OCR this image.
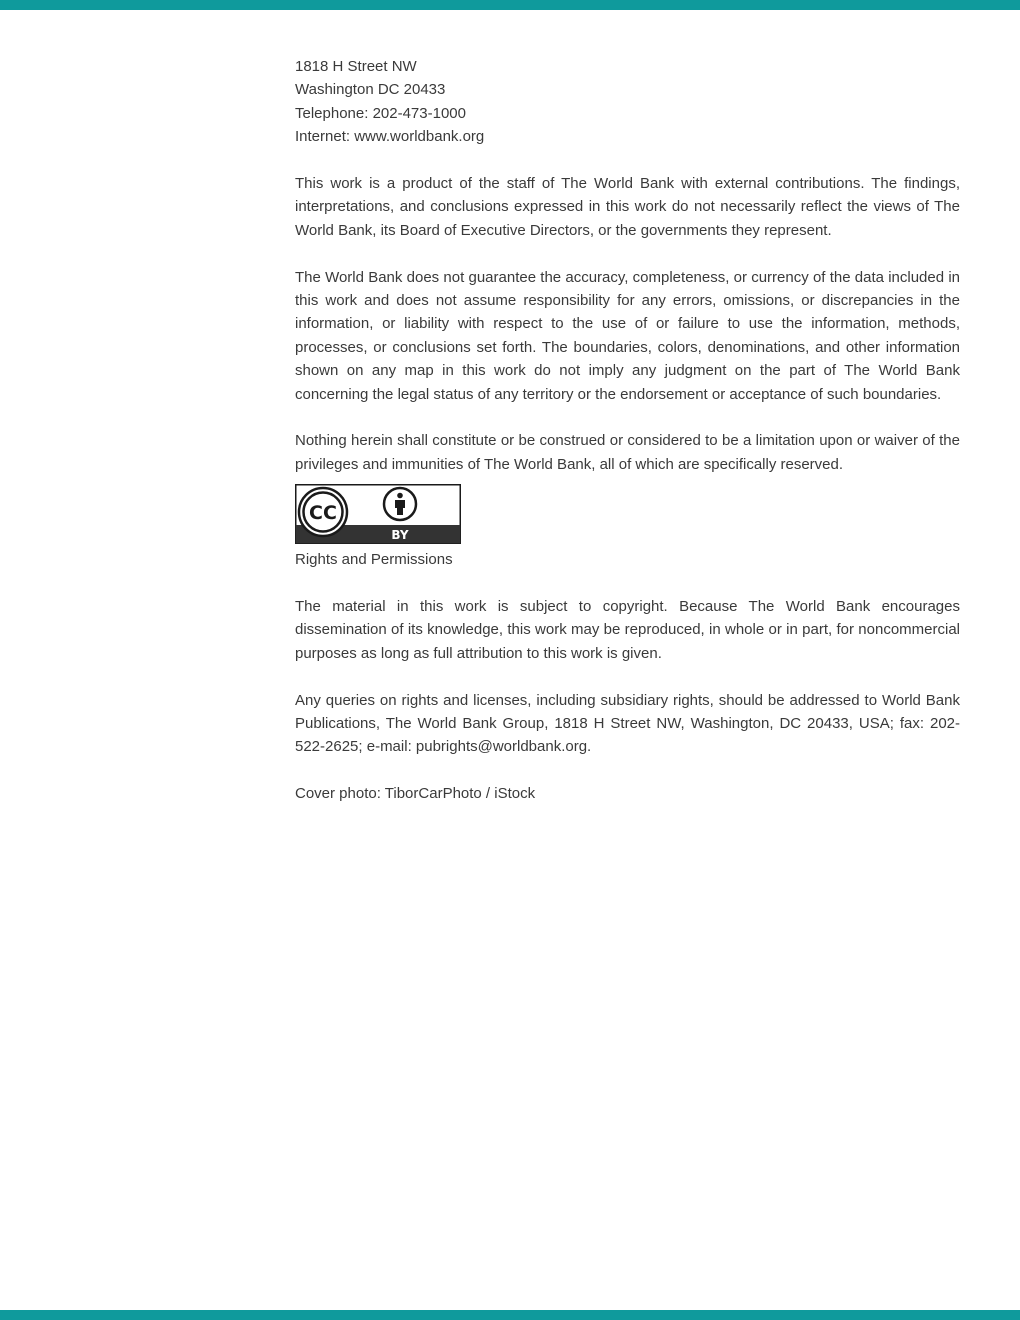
1818 H Street NW
Washington DC 20433
Telephone: 202-473-1000
Internet: www.worldbank.org

This work is a product of the staff of The World Bank with external contributions. The findings, interpretations, and conclusions expressed in this work do not necessarily reflect the views of The World Bank, its Board of Executive Directors, or the governments they represent.

The World Bank does not guarantee the accuracy, completeness, or currency of the data included in this work and does not assume responsibility for any errors, omissions, or discrepancies in the information, or liability with respect to the use of or failure to use the information, methods, processes, or conclusions set forth. The boundaries, colors, denominations, and other information shown on any map in this work do not imply any judgment on the part of The World Bank concerning the legal status of any territory or the endorsement or acceptance of such boundaries.

Nothing herein shall constitute or be construed or considered to be a limitation upon or waiver of the privileges and immunities of The World Bank, all of which are specifically reserved.

CC
BY
Rights and Permissions

The material in this work is subject to copyright. Because The World Bank encourages dissemination of its knowledge, this work may be reproduced, in whole or in part, for noncommercial purposes as long as full attribution to this work is given.

Any queries on rights and licenses, including subsidiary rights, should be addressed to World Bank Publications, The World Bank Group, 1818 H Street NW, Washington, DC 20433, USA; fax: 202-522-2625; e-mail: pubrights@worldbank.org.

Cover photo: TiborCarPhoto / iStock
